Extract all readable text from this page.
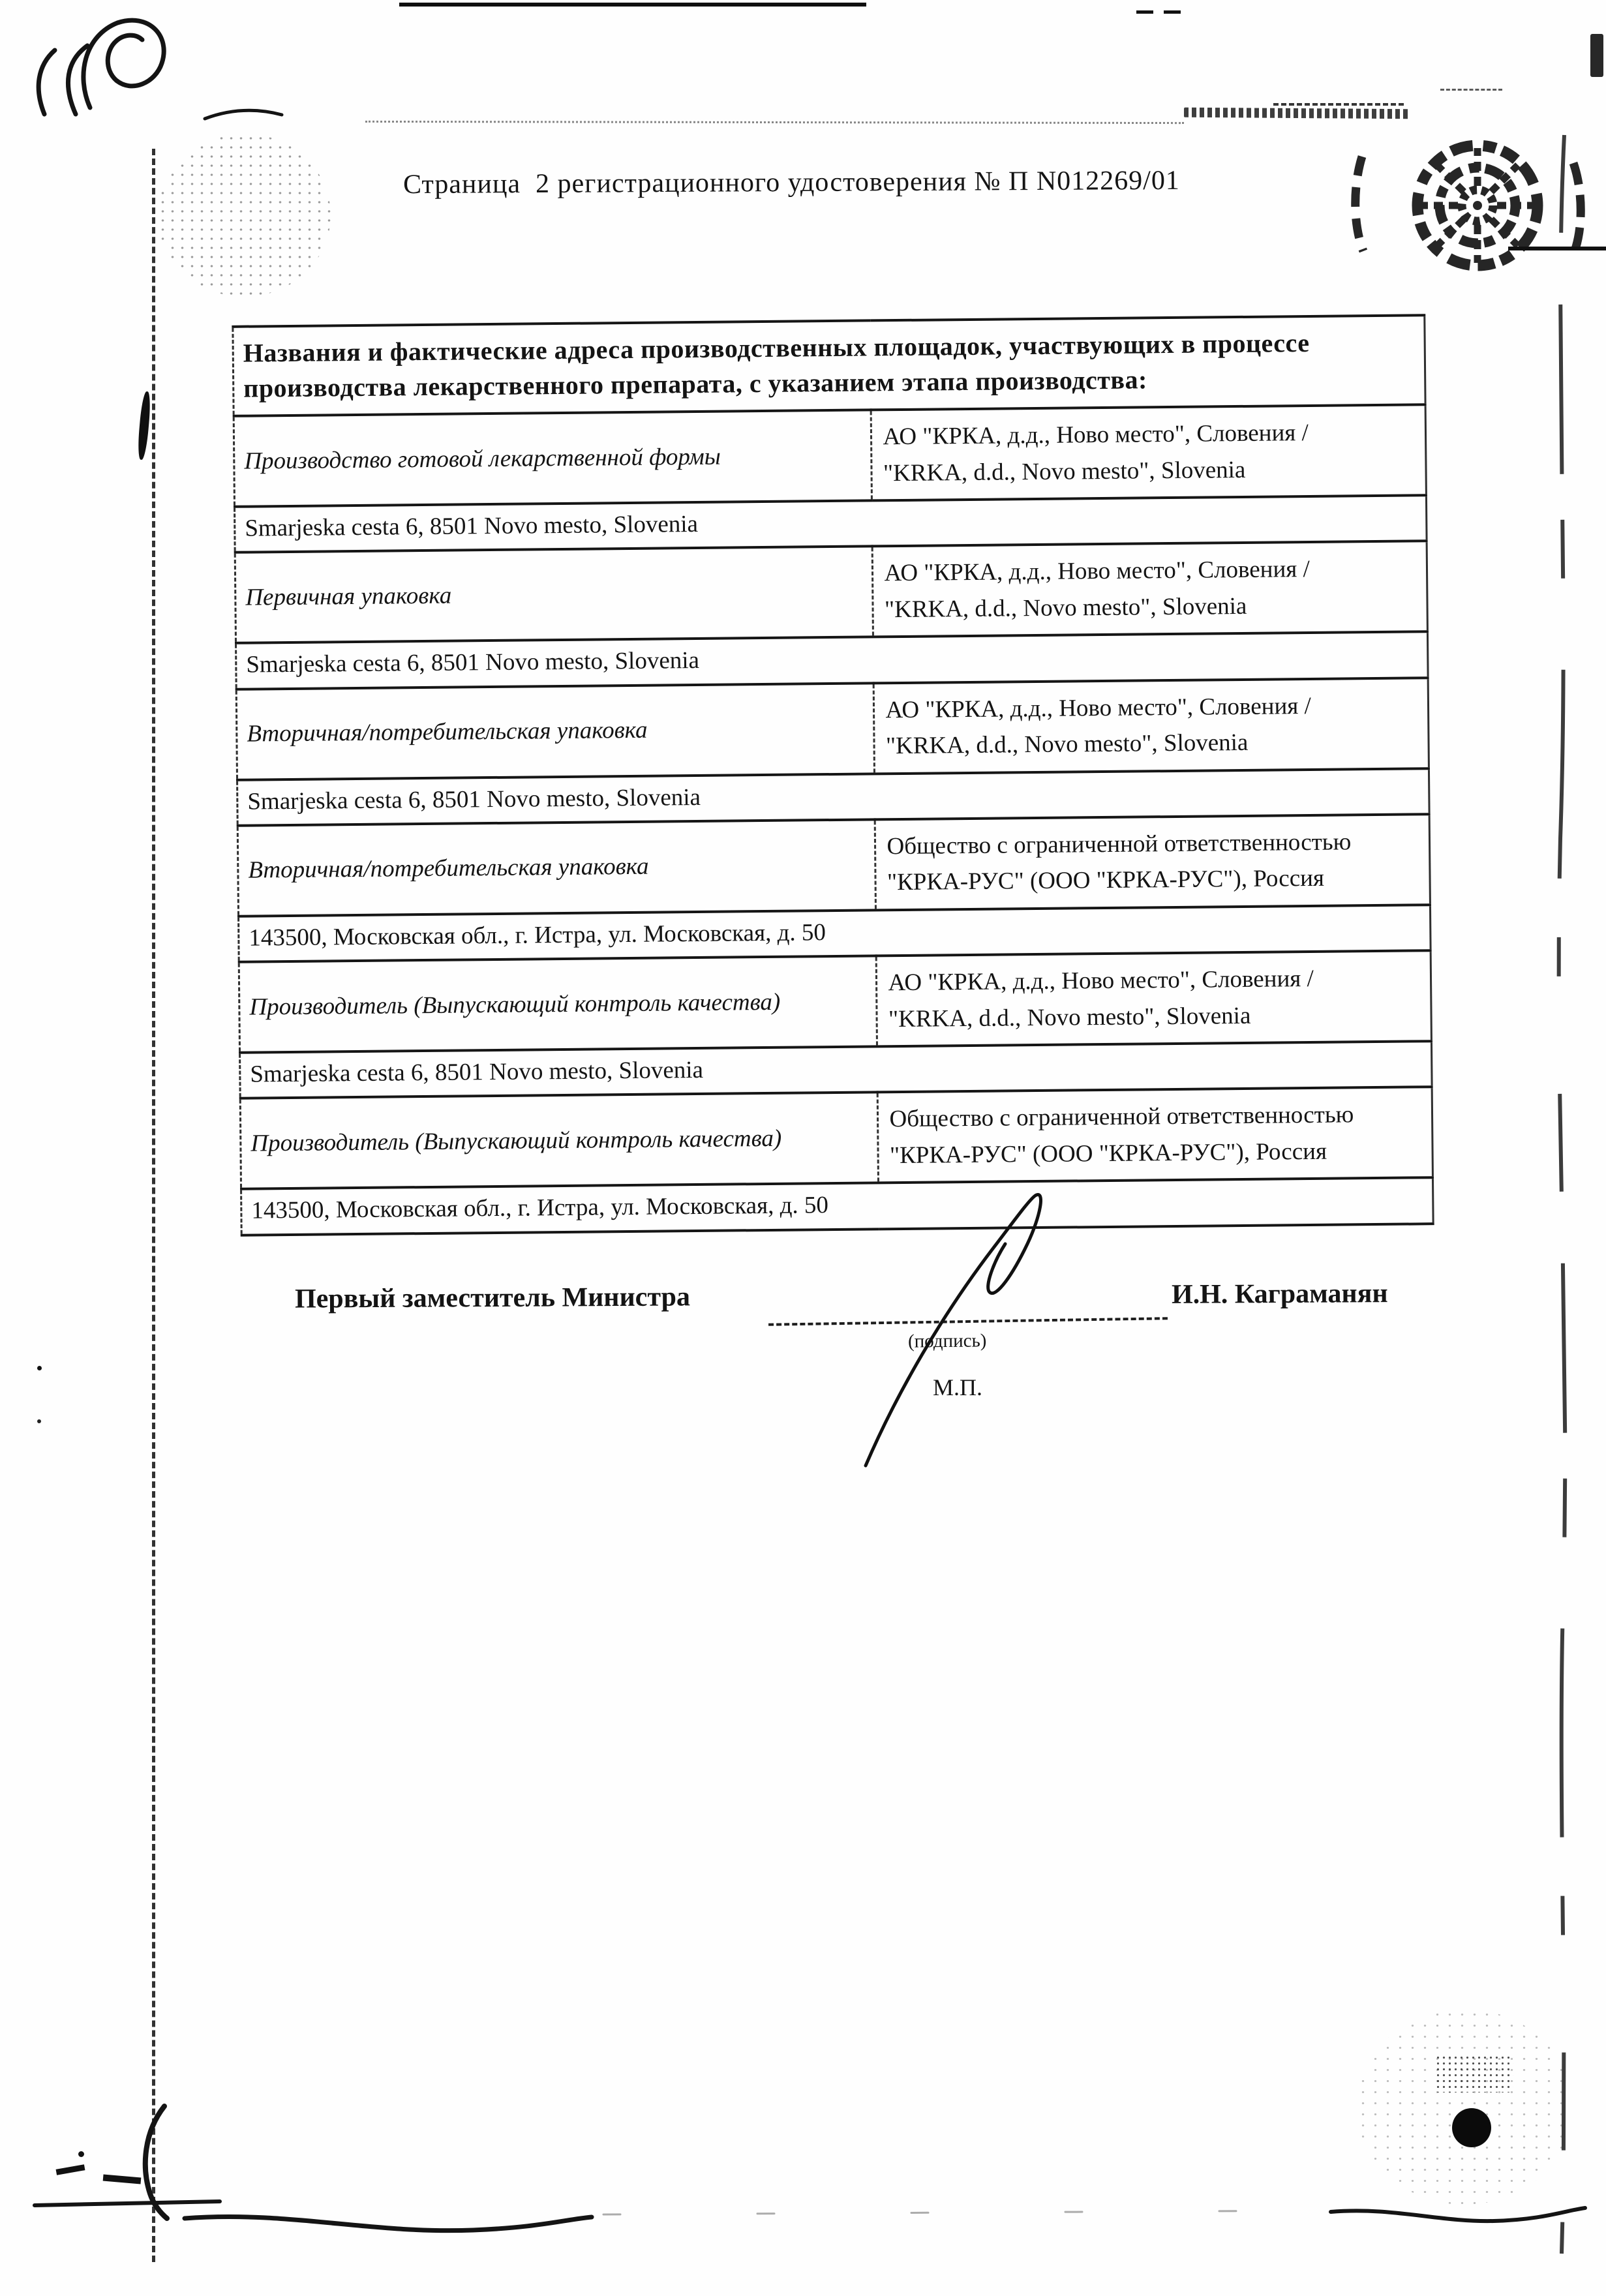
Страница  2 регистрационного удостоверения № П N012269/01
Названия и фактические адреса производственных площадок, участвующих в процессе производства лекарственного препарата, с указанием этапа производства:	
Производство готовой лекарственной формы	АО "КРКА, д.д., Ново место", Словения /
"KRKA, d.d., Novo mesto", Slovenia
Smarjeska cesta 6, 8501 Novo mesto, Slovenia	
Первичная упаковка	АО "КРКА, д.д., Ново место", Словения /
"KRKA, d.d., Novo mesto", Slovenia
Smarjeska cesta 6, 8501 Novo mesto, Slovenia	
Вторичная/потребительская упаковка	АО "КРКА, д.д., Ново место", Словения /
"KRKA, d.d., Novo mesto", Slovenia
Smarjeska cesta 6, 8501 Novo mesto, Slovenia	
Вторичная/потребительская упаковка	Общество с ограниченной ответственностью
"КРКА-РУС" (ООО "КРКА-РУС"), Россия
143500, Московская обл., г. Истра, ул. Московская, д. 50	
Производитель (Выпускающий контроль качества)	АО "КРКА, д.д., Ново место", Словения /
"KRKA, d.d., Novo mesto", Slovenia
Smarjeska cesta 6, 8501 Novo mesto, Slovenia	
Производитель (Выпускающий контроль качества)	Общество с ограниченной ответственностью
"КРКА-РУС" (ООО "КРКА-РУС"), Россия
143500, Московская обл., г. Истра, ул. Московская, д. 50	
Первый заместитель Министра	И.Н. Каграманян
(подпись)
М.П.
